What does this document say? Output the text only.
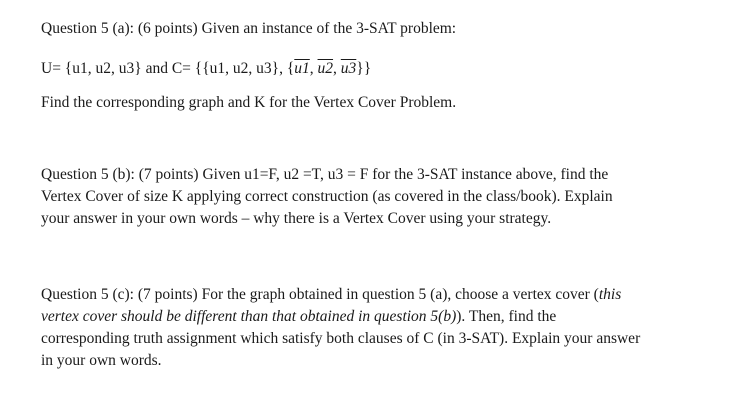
Question 5 (a): (6 points) Given an instance of the 3-SAT problem:
U= {u1, u2, u3} and C= {{u1, u2, u3}, {u1, u2, u3}}
Find the corresponding graph and K for the Vertex Cover Problem.
Question 5 (b): (7 points) Given u1=F, u2 =T, u3 = F for the 3-SAT instance above, find the
Vertex Cover of size K applying correct construction (as covered in the class/book). Explain
your answer in your own words – why there is a Vertex Cover using your strategy.
Question 5 (c): (7 points) For the graph obtained in question 5 (a), choose a vertex cover (this
vertex cover should be different than that obtained in question 5(b)). Then, find the
corresponding truth assignment which satisfy both clauses of C (in 3-SAT). Explain your answer
in your own words.
